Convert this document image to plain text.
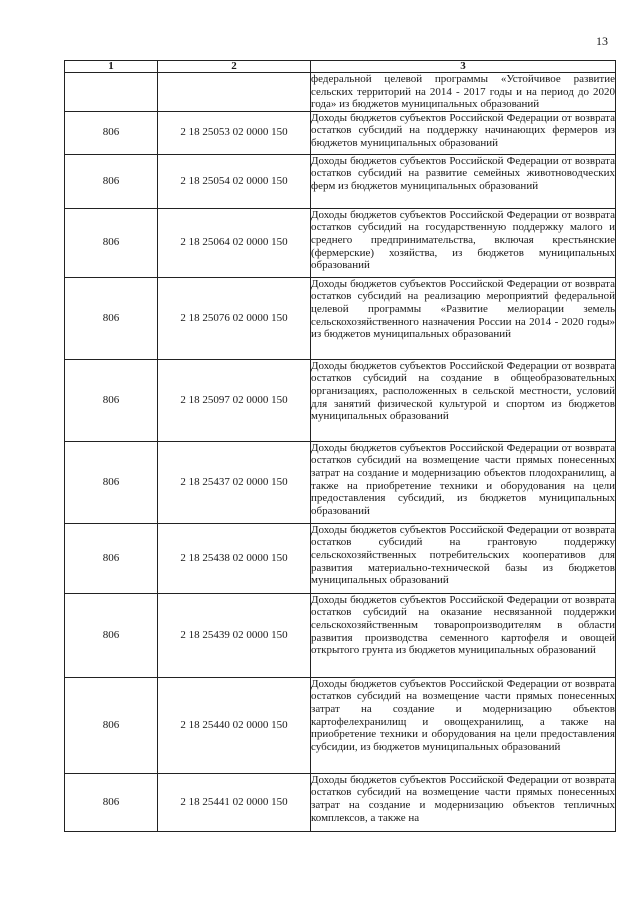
13
1	2	3
		федеральной целевой программы «Устойчивое развитие сельских территорий на 2014 - 2017 годы и на период до 2020 года» из бюджетов муниципальных образований
806	2 18 25053 02 0000 150	Доходы бюджетов субъектов Российской Федерации от возврата остатков субсидий на поддержку начинающих фермеров из бюджетов муниципальных образований
806	2 18 25054 02 0000 150	Доходы бюджетов субъектов Российской Федерации от возврата остатков субсидий на развитие семейных животноводческих ферм из бюджетов муниципальных образований
806	2 18 25064 02 0000 150	Доходы бюджетов субъектов Российской Федерации от возврата остатков субсидий на государственную поддержку малого и среднего предпринимательства, включая крестьянские (фермерские) хозяйства, из бюджетов муниципальных образований
806	2 18 25076 02 0000 150	Доходы бюджетов субъектов Российской Федерации от возврата остатков субсидий на реализацию мероприятий федеральной целевой программы «Развитие мелиорации земель сельскохозяйственного назначения России на 2014 - 2020 годы» из бюджетов муниципальных образований
806	2 18 25097 02 0000 150	Доходы бюджетов субъектов Российской Федерации от возврата остатков субсидий на создание в общеобразовательных организациях, расположенных в сельской местности, условий для занятий физической культурой и спортом из бюджетов муниципальных образований
806	2 18 25437 02 0000 150	Доходы бюджетов субъектов Российской Федерации от возврата остатков субсидий на возмещение части прямых понесенных затрат на создание и модернизацию объектов плодохранилищ, а также на приобретение техники и оборудования на цели предоставления субсидий, из бюджетов муниципальных образований
806	2 18 25438 02 0000 150	Доходы бюджетов субъектов Российской Федерации от возврата остатков субсидий на грантовую поддержку сельскохозяйственных потребительских кооперативов для развития материально-технической базы из бюджетов муниципальных образований
806	2 18 25439 02 0000 150	Доходы бюджетов субъектов Российской Федерации от возврата остатков субсидий на оказание несвязанной поддержки сельскохозяйственным товаропроизводителям в области развития производства семенного картофеля и овощей открытого грунта из бюджетов муниципальных образований
806	2 18 25440 02 0000 150	Доходы бюджетов субъектов Российской Федерации от возврата остатков субсидий на возмещение части прямых понесенных затрат на создание и модернизацию объектов картофелехранилищ и овощехранилищ, а также на приобретение техники и оборудования на цели предоставления субсидии, из бюджетов муниципальных образований
806	2 18 25441 02 0000 150	Доходы бюджетов субъектов Российской Федерации от возврата остатков субсидий на возмещение части прямых понесенных затрат на создание и модернизацию объектов тепличных комплексов, а также на
